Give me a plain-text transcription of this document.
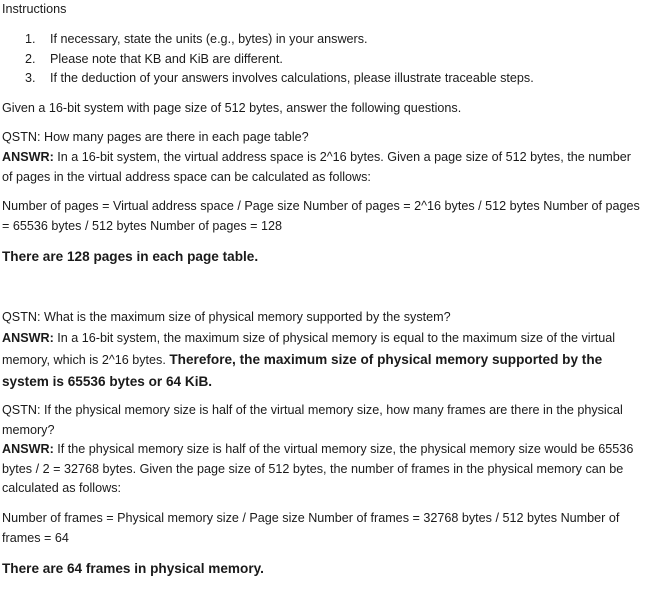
Instructions

1. If necessary, state the units (e.g., bytes) in your answers.
2. Please note that KB and KiB are different.
3. If the deduction of your answers involves calculations, please illustrate traceable steps.

Given a 16-bit system with page size of 512 bytes, answer the following questions.

QSTN: How many pages are there in each page table?

ANSWR: In a 16-bit system, the virtual address space is 2^16 bytes. Given a page size of 512 bytes, the number of pages in the virtual address space can be calculated as follows:

Number of pages = Virtual address space / Page size Number of pages = 2^16 bytes / 512 bytes Number of pages = 65536 bytes / 512 bytes Number of pages = 128

There are 128 pages in each page table.

QSTN: What is the maximum size of physical memory supported by the system?

ANSWR: In a 16-bit system, the maximum size of physical memory is equal to the maximum size of the virtual memory, which is 2^16 bytes. Therefore, the maximum size of physical memory supported by the system is 65536 bytes or 64 KiB.

QSTN: If the physical memory size is half of the virtual memory size, how many frames are there in the physical memory?

ANSWR: If the physical memory size is half of the virtual memory size, the physical memory size would be 65536 bytes / 2 = 32768 bytes. Given the page size of 512 bytes, the number of frames in the physical memory can be calculated as follows:

Number of frames = Physical memory size / Page size Number of frames = 32768 bytes / 512 bytes Number of frames = 64

There are 64 frames in physical memory.
